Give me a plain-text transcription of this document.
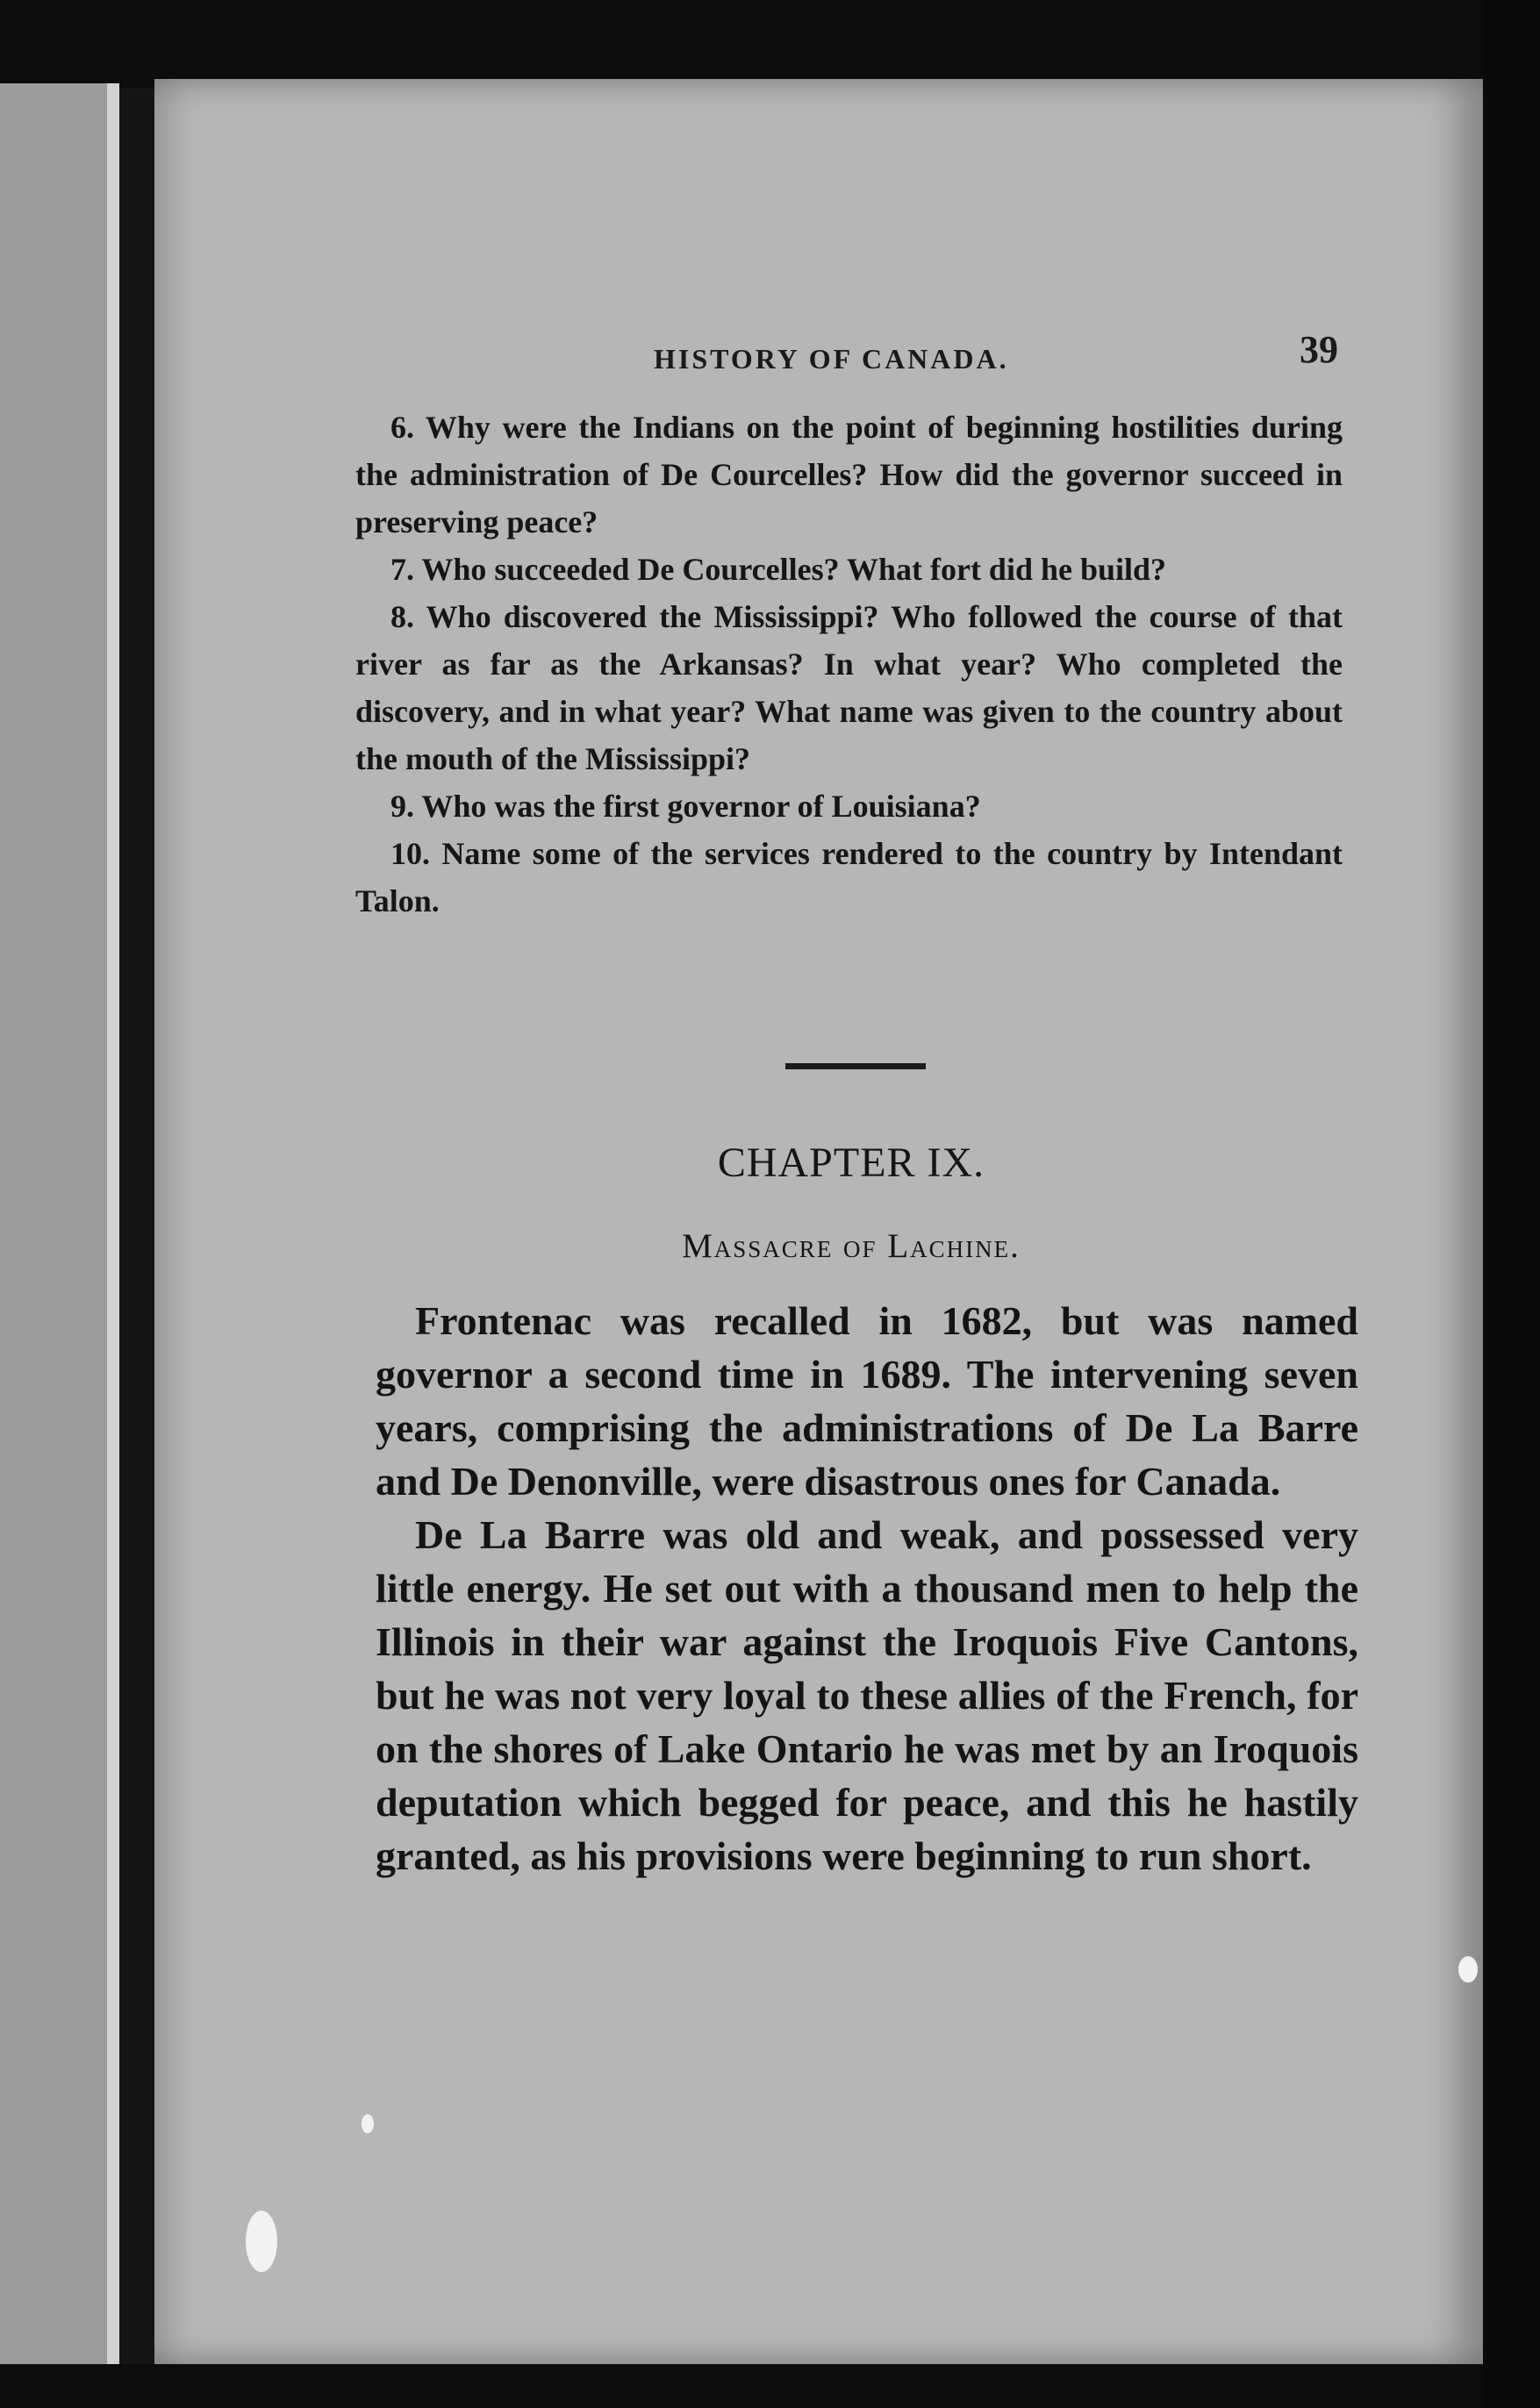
HISTORY OF CANADA.	39

6. Why were the Indians on the point of beginning hostilities during the administration of De Courcelles? How did the governor succeed in preserving peace?

7. Who succeeded De Courcelles? What fort did he build?

8. Who discovered the Mississippi? Who followed the course of that river as far as the Arkansas? In what year? Who completed the discovery, and in what year? What name was given to the country about the mouth of the Mississippi?

9. Who was the first governor of Louisiana?

10. Name some of the services rendered to the country by Intendant Talon.

CHAPTER IX.
Massacre of Lachine.

Frontenac was recalled in 1682, but was named governor a second time in 1689. The intervening seven years, comprising the administrations of De La Barre and De Denonville, were disastrous ones for Canada.

De La Barre was old and weak, and possessed very little energy. He set out with a thousand men to help the Illinois in their war against the Iroquois Five Cantons, but he was not very loyal to these allies of the French, for on the shores of Lake Ontario he was met by an Iroquois deputation which begged for peace, and this he hastily granted, as his provisions were beginning to run short.
